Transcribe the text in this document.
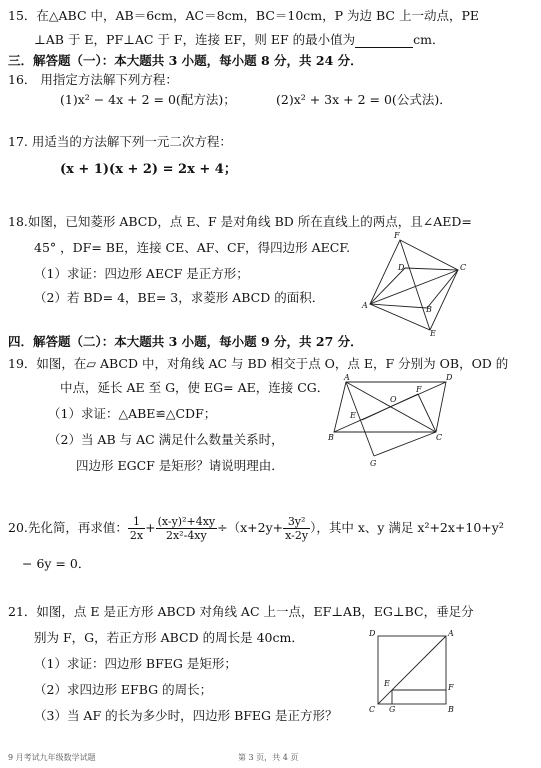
15．在△ABC 中，AB＝6cm，AC＝8cm，BC＝10cm，P 为边 BC 上一动点，PE
⊥AB 于 E，PF⊥AC 于 F，连接 EF，则 EF 的最小值为	cm．
三．解答题（一）：本大题共 3 小题，每小题 8 分，共 24 分．
16． 用指定方法解下列方程：
(1)x² − 4x + 2 = 0(配方法)；	(2)x² + 3x + 2 = 0(公式法)．
17. 用适当的方法解下列一元二次方程：
(x + 1)(x + 2) = 2x + 4；
18.如图，已知菱形 ABCD，点 E、F 是对角线 BD 所在直线上的两点，且∠AED=
45° ，DF= BE，连接 CE、AF、CF，得四边形 AECF.
（1）求证：四边形 AECF 是正方形；
（2）若 BD= 4，BE= 3，求菱形 ABCD 的面积．
F
D	C
A	B
E
四．解答题（二）：本大题共 3 小题，每小题 9 分，共 27 分．
19．如图，在▱ ABCD 中，对角线 AC 与 BD 相交于点 O，点 E，F 分别为 OB，OD 的
中点，延长 AE 至 G，使 EG= AE，连接 CG．
（1）求证：△ABE≌△CDF；
（2）当 AB 与 AC 满足什么数量关系时，
四边形 EGCF 是矩形？请说明理由．
A	D
O
F
E
B	C
G
20.先化简，再求值： $\frac{1}{2x} + \frac{\text{(x-y)²+4xy}}{\text{2x²-4xy}} \div(x+2y+ \frac{\text{3y²}}{x-2y}$ ），其中 x、y 满足 x²+2x+10+y²
− 6y = 0．
21．如图，点 E 是正方形 ABCD 对角线 AC 上一点，EF⊥AB，EG⊥BC，垂足分
别为 F，G，若正方形 ABCD 的周长是 40cm．
（1）求证：四边形 BFEG 是矩形；
（2）求四边形 EFBG 的周长；
（3）当 AF 的长为多少时，四边形 BFEG 是正方形？
D	A
E	F
C G	B
9 月考试九年级数学试题	第 3 页，共 4 页
